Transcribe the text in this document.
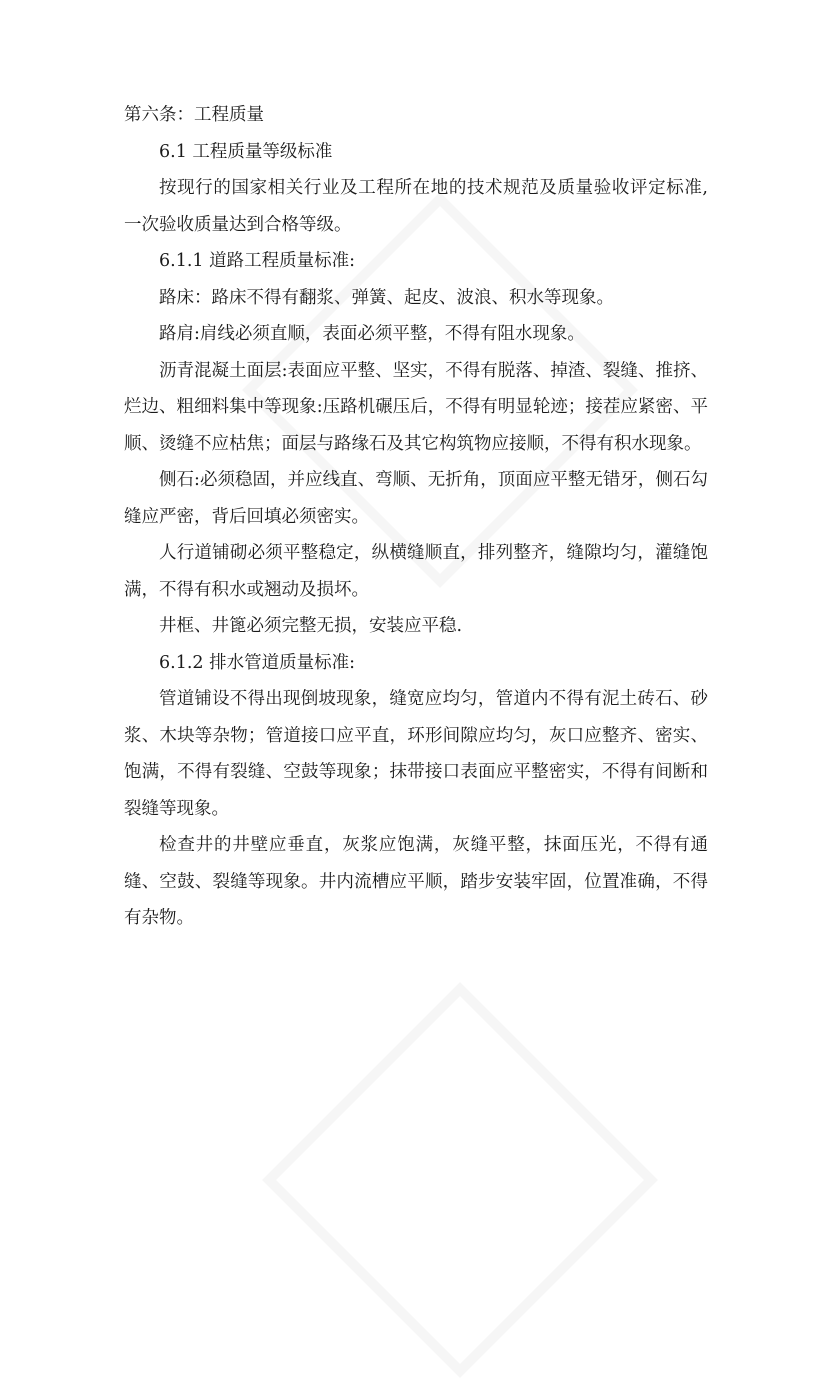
第六条：工程质量

6.1 工程质量等级标准

按现行的国家相关行业及工程所在地的技术规范及质量验收评定标准, 一次验收质量达到合格等级。

6.1.1 道路工程质量标准:

路床：路床不得有翻浆、弹簧、起皮、波浪、积水等现象。

路肩:肩线必须直顺，表面必须平整，不得有阻水现象。

沥青混凝土面层:表面应平整、坚实，不得有脱落、掉渣、裂缝、推挤、烂边、粗细料集中等现象:压路机碾压后，不得有明显轮迹；接茬应紧密、平顺、烫缝不应枯焦；面层与路缘石及其它构筑物应接顺，不得有积水现象。

侧石:必须稳固，并应线直、弯顺、无折角，顶面应平整无错牙，侧石勾缝应严密，背后回填必须密实。

人行道铺砌必须平整稳定，纵横缝顺直，排列整齐，缝隙均匀，灌缝饱满，不得有积水或翘动及损坏。

井框、井篦必须完整无损，安装应平稳.

6.1.2 排水管道质量标准:

管道铺设不得出现倒坡现象，缝宽应均匀，管道内不得有泥土砖石、砂浆、木块等杂物；管道接口应平直，环形间隙应均匀，灰口应整齐、密实、饱满，不得有裂缝、空鼓等现象；抹带接口表面应平整密实，不得有间断和裂缝等现象。

检查井的井壁应垂直，灰浆应饱满，灰缝平整，抹面压光，不得有通缝、空鼓、裂缝等现象。井内流槽应平顺，踏步安装牢固，位置准确，不得有杂物。
